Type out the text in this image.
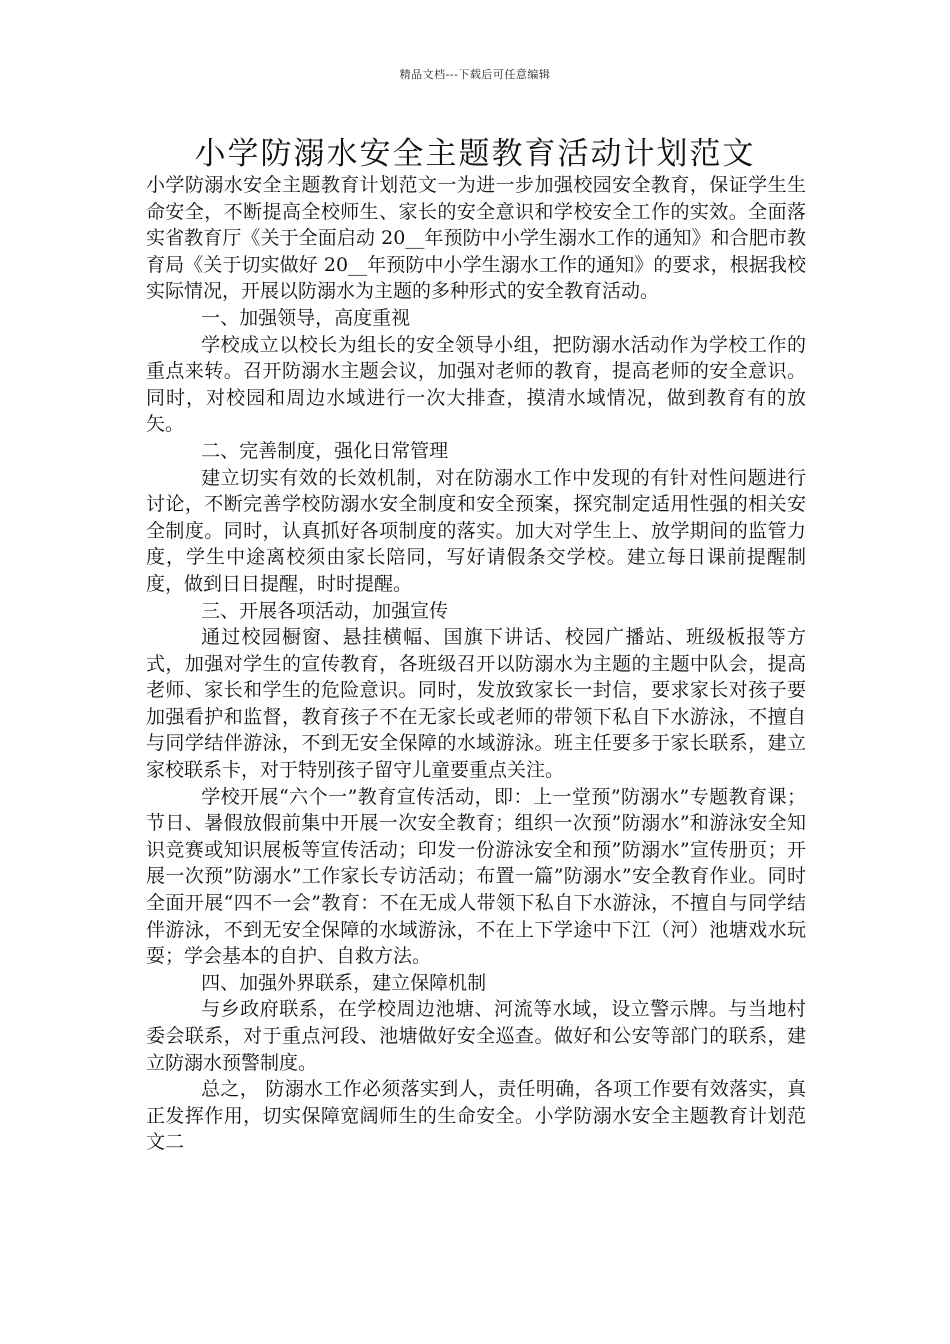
精品文档---下载后可任意编辑
小学防溺水安全主题教育活动计划范文

小学防溺水安全主题教育计划范文一为进一步加强校园安全教育，保证学生生命安全，不断提高全校师生、家长的安全意识和学校安全工作的实效。全面落实省教育厅《关于全面启动 20__年预防中小学生溺水工作的通知》和合肥市教育局《关于切实做好 20__年预防中小学生溺水工作的通知》的要求，根据我校实际情况，开展以防溺水为主题的多种形式的安全教育活动。

一、加强领导，高度重视

学校成立以校长为组长的安全领导小组，把防溺水活动作为学校工作的重点来转。召开防溺水主题会议，加强对老师的教育，提高老师的安全意识。同时，对校园和周边水域进行一次大排查，摸清水域情况，做到教育有的放矢。

二、完善制度，强化日常管理

建立切实有效的长效机制，对在防溺水工作中发现的有针对性问题进行讨论，不断完善学校防溺水安全制度和安全预案，探究制定适用性强的相关安全制度。同时，认真抓好各项制度的落实。加大对学生上、放学期间的监管力度，学生中途离校须由家长陪同，写好请假条交学校。建立每日课前提醒制度，做到日日提醒，时时提醒。

三、开展各项活动，加强宣传

通过校园橱窗、悬挂横幅、国旗下讲话、校园广播站、班级板报等方式，加强对学生的宣传教育，各班级召开以防溺水为主题的主题中队会，提高老师、家长和学生的危险意识。同时，发放致家长一封信，要求家长对孩子要加强看护和监督，教育孩子不在无家长或老师的带领下私自下水游泳，不擅自与同学结伴游泳，不到无安全保障的水域游泳。班主任要多于家长联系，建立家校联系卡，对于特别孩子留守儿童要重点关注。

学校开展“六个一”教育宣传活动，即：上一堂预”防溺水”专题教育课；节日、暑假放假前集中开展一次安全教育；组织一次预”防溺水”和游泳安全知识竞赛或知识展板等宣传活动；印发一份游泳安全和预”防溺水”宣传册页；开展一次预”防溺水”工作家长专访活动；布置一篇”防溺水”安全教育作业。同时全面开展“四不一会”教育：不在无成人带领下私自下水游泳，不擅自与同学结伴游泳，不到无安全保障的水域游泳，不在上下学途中下江（河）池塘戏水玩耍；学会基本的自护、自救方法。

四、加强外界联系，建立保障机制

与乡政府联系，在学校周边池塘、河流等水域，设立警示牌。与当地村委会联系，对于重点河段、池塘做好安全巡查。做好和公安等部门的联系，建立防溺水预警制度。

总之， 防溺水工作必须落实到人，责任明确，各项工作要有效落实，真正发挥作用，切实保障宽阔师生的生命安全。小学防溺水安全主题教育计划范文二
